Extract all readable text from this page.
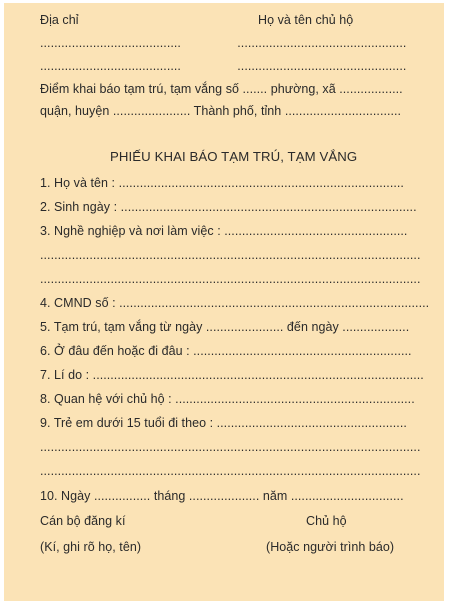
Địa chỉ	Họ và tên chủ hộ
........................................                ................................................
........................................                ................................................
Điểm khai báo tạm trú, tạm vắng số ....... phường, xã ..................
quận, huyện ...................... Thành phố, tỉnh .................................
PHIẾU KHAI BÁO TẠM TRÚ, TẠM VẮNG
1. Họ và tên : .................................................................................
2. Sinh ngày : ....................................................................................
3. Nghề nghiệp và nơi làm việc : ....................................................
............................................................................................................
............................................................................................................
4. CMND số : ........................................................................................
5. Tạm trú, tạm vắng từ ngày ...................... đến ngày ...................
6. Ở đâu đến hoặc đi đâu : ..............................................................
7. Lí do : ..............................................................................................
8. Quan hệ với chủ hộ : ....................................................................
9. Trẻ em dưới 15 tuổi đi theo : ......................................................
............................................................................................................
............................................................................................................
10. Ngày ................ tháng .................... năm ................................
Cán bộ đăng kí	Chủ hộ
(Kí, ghi rõ họ, tên)	(Hoặc người trình báo)
